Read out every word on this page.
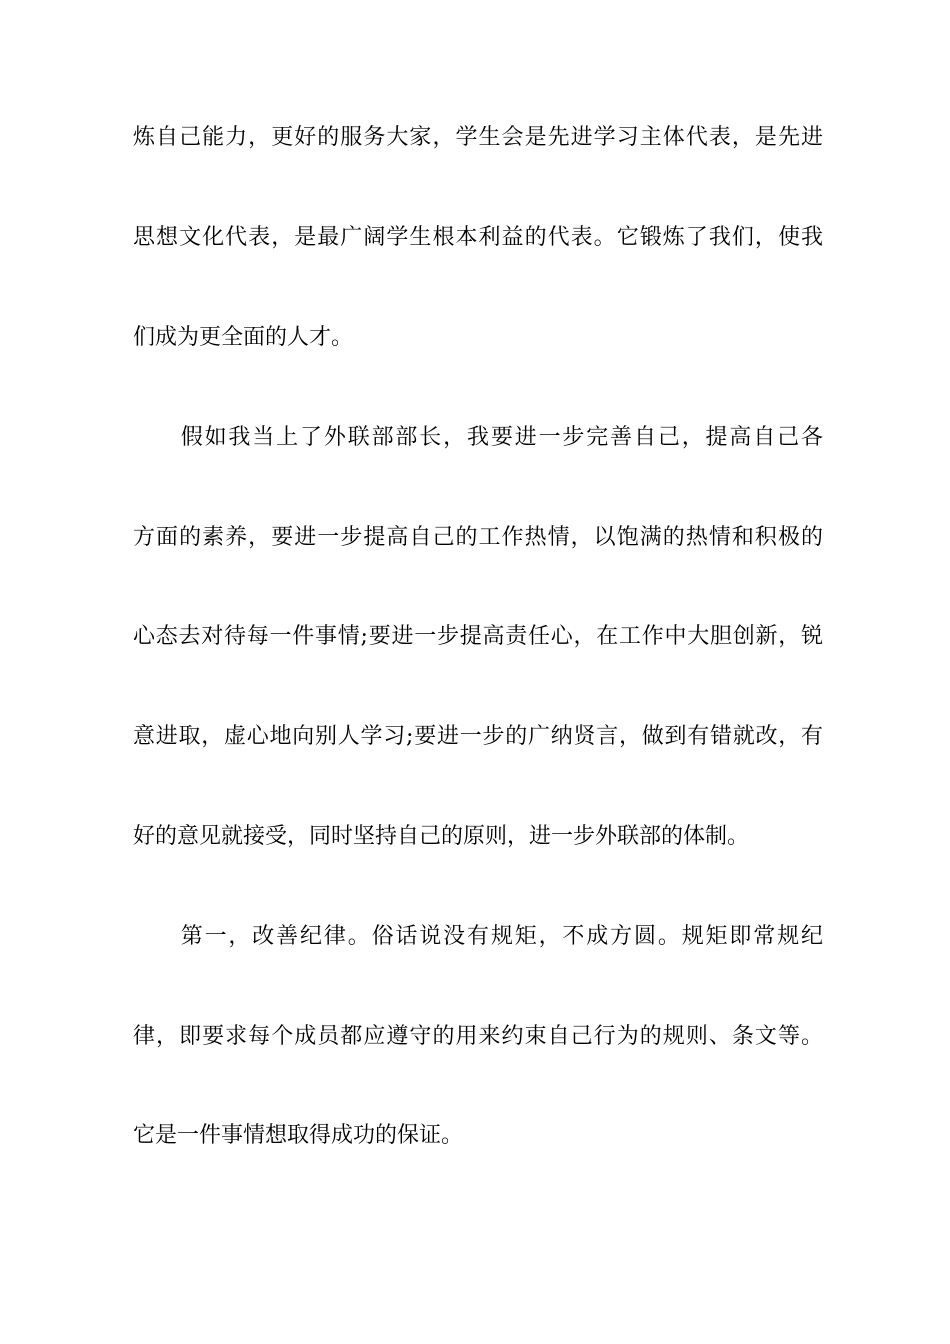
炼自己能力，更好的服务大家，学生会是先进学习主体代表，是先进
思想文化代表，是最广阔学生根本利益的代表。它锻炼了我们，使我
们成为更全面的人才。
　　假如我当上了外联部部长，我要进一步完善自己，提高自己各
方面的素养，要进一步提高自己的工作热情，以饱满的热情和积极的
心态去对待每一件事情;要进一步提高责任心，在工作中大胆创新，锐
意进取，虚心地向别人学习;要进一步的广纳贤言，做到有错就改，有
好的意见就接受，同时坚持自己的原则，进一步外联部的体制。
　　第一，改善纪律。俗话说没有规矩，不成方圆。规矩即常规纪
律，即要求每个成员都应遵守的用来约束自己行为的规则、条文等。
它是一件事情想取得成功的保证。
